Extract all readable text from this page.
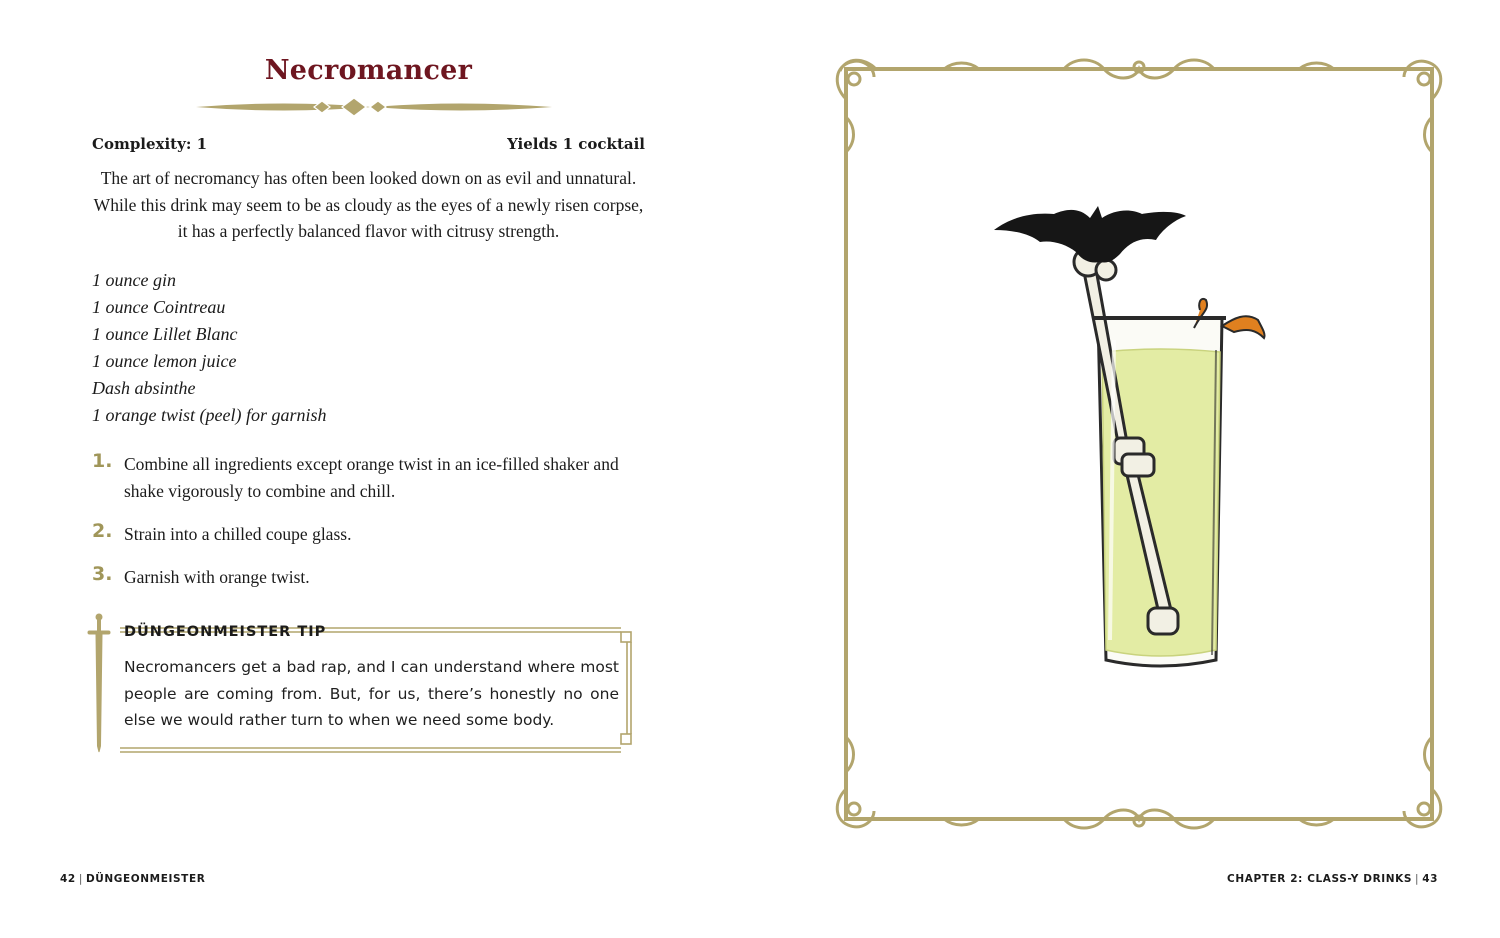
Necromancer
Complexity: 1	Yields 1 cocktail

The art of necromancy has often been looked down on as evil and unnatural. While this drink may seem to be as cloudy as the eyes of a newly risen corpse, it has a perfectly balanced flavor with citrusy strength.

1 ounce gin
1 ounce Cointreau
1 ounce Lillet Blanc
1 ounce lemon juice
Dash absinthe
1 orange twist (peel) for garnish
1. Combine all ingredients except orange twist in an ice-filled shaker and shake vigorously to combine and chill.

2. Strain into a chilled coupe glass.

3. Garnish with orange twist.

DÜNGEONMEISTER TIP

Necromancers get a bad rap, and I can understand where most people are coming from. But, for us, there’s honestly no one else we would rather turn to when we need some body.

42 | DÜNGEONMEISTER	CHAPTER 2: CLASS-Y DRINKS | 43
